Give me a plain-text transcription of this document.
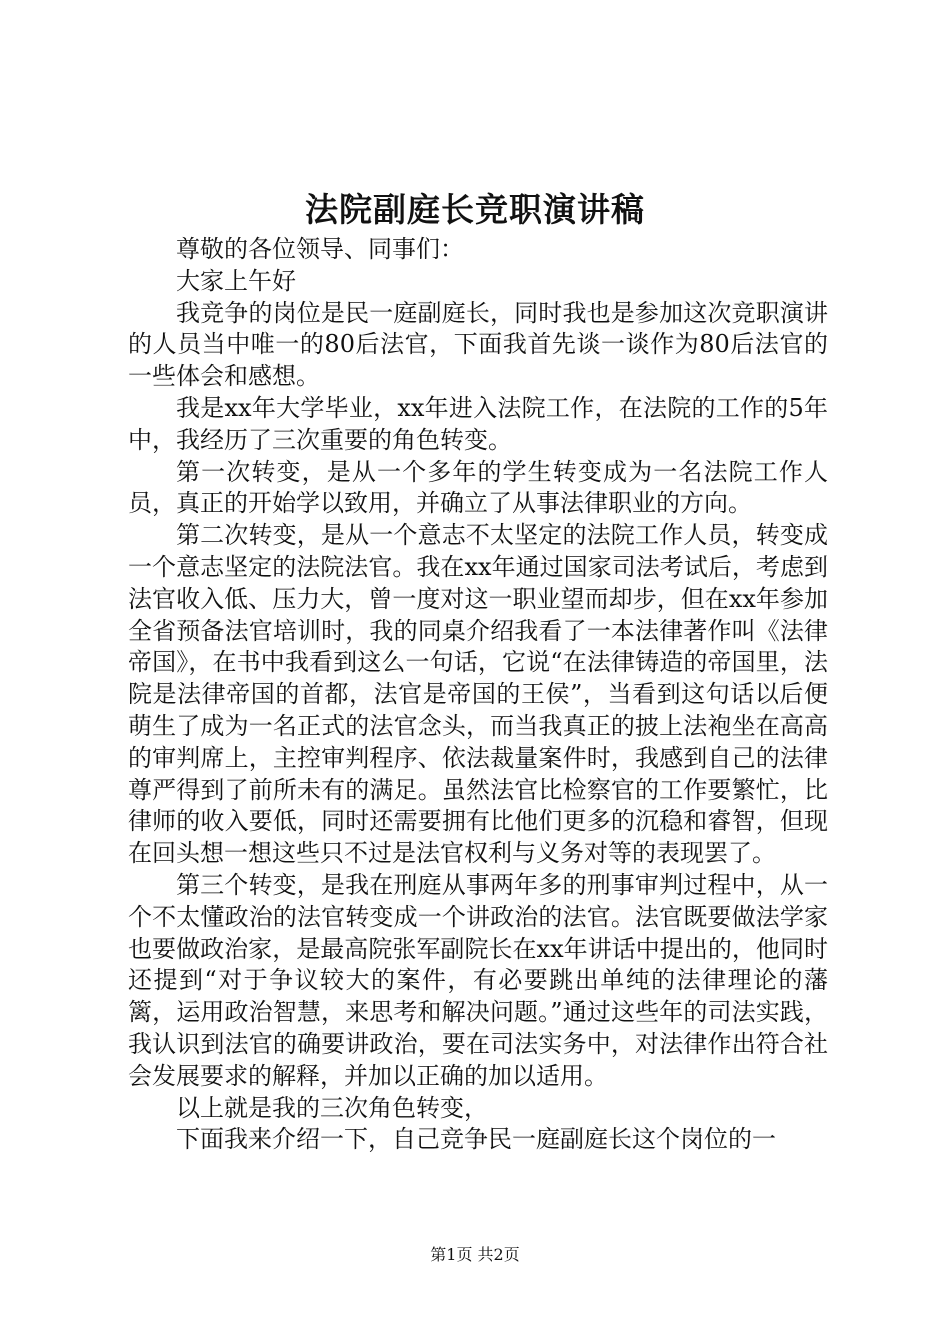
法院副庭长竞职演讲稿

尊敬的各位领导、同事们：

大家上午好

我竞争的岗位是民一庭副庭长，同时我也是参加这次竞职演讲的人员当中唯一的80后法官，下面我首先谈一谈作为80后法官的一些体会和感想。

我是xx年大学毕业，xx年进入法院工作，在法院的工作的5年中，我经历了三次重要的角色转变。

第一次转变，是从一个多年的学生转变成为一名法院工作人员，真正的开始学以致用，并确立了从事法律职业的方向。

第二次转变，是从一个意志不太坚定的法院工作人员，转变成一个意志坚定的法院法官。我在xx年通过国家司法考试后，考虑到法官收入低、压力大，曾一度对这一职业望而却步，但在xx年参加全省预备法官培训时，我的同桌介绍我看了一本法律著作叫《法律帝国》，在书中我看到这么一句话，它说“在法律铸造的帝国里，法院是法律帝国的首都，法官是帝国的王侯”，当看到这句话以后便萌生了成为一名正式的法官念头，而当我真正的披上法袍坐在高高的审判席上，主控审判程序、依法裁量案件时，我感到自己的法律尊严得到了前所未有的满足。虽然法官比检察官的工作要繁忙，比律师的收入要低，同时还需要拥有比他们更多的沉稳和睿智，但现在回头想一想这些只不过是法官权利与义务对等的表现罢了。

第三个转变，是我在刑庭从事两年多的刑事审判过程中，从一个不太懂政治的法官转变成一个讲政治的法官。法官既要做法学家也要做政治家，是最高院张军副院长在xx年讲话中提出的，他同时还提到“对于争议较大的案件，有必要跳出单纯的法律理论的藩篱，运用政治智慧，来思考和解决问题。”通过这些年的司法实践，我认识到法官的确要讲政治，要在司法实务中，对法律作出符合社会发展要求的解释，并加以正确的加以适用。

以上就是我的三次角色转变，

下面我来介绍一下，自己竞争民一庭副庭长这个岗位的一

第1页 共2页
